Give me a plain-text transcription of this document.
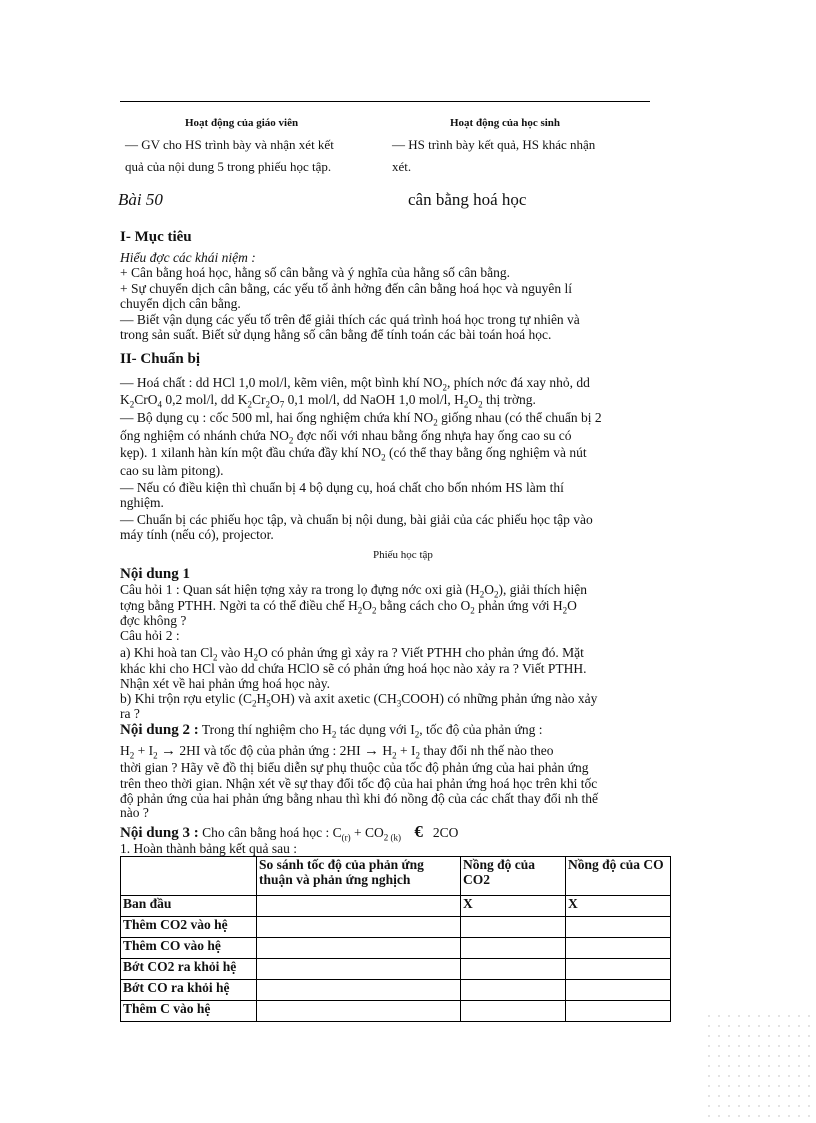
Hoạt động của giáo viên	Hoạt động của học sinh
— GV cho HS trình bày và nhận xét kết
quả của nội dung 5 trong phiếu học tập.
— HS trình bày kết quả, HS khác nhận
xét.
Bài 50	cân bằng hoá học
I- Mục tiêu
Hiểu đợc các khái niệm :
+ Cân bằng hoá học, hằng số cân bằng và ý nghĩa của hằng số cân bằng.
+ Sự chuyển dịch cân bằng, các yếu tố ảnh hởng đến cân bằng hoá học và nguyên lí
chuyển dịch cân bằng.
— Biết vận dụng các yếu tố trên để giải thích các quá trình hoá học trong tự nhiên và
trong sản suất. Biết sử dụng hằng số cân bằng để tính toán các bài toán hoá học.
II- Chuẩn bị
— Hoá chất : dd HCl 1,0 mol/l, kẽm viên, một bình khí $NO_2$, phích nớc đá xay nhỏ, dd
$K_2CrO_4$ 0,2 mol/l, dd $K_2Cr_2O_7$ 0,1 mol/l, dd NaOH 1,0 mol/l, $H_2O_2$ thị trờng.
— Bộ dụng cụ : cốc 500 ml, hai ống nghiệm chứa khí $NO_2$ giống nhau (có thể chuẩn bị 2
ống nghiệm có nhánh chứa $NO_2$ đợc nối với nhau bằng ống nhựa hay ống cao su có
kẹp). 1 xilanh hàn kín một đầu chứa đầy khí $NO_2$ (có thể thay bằng ống nghiệm và nút
cao su làm pitong).
— Nếu có điều kiện thì chuẩn bị 4 bộ dụng cụ, hoá chất cho bốn nhóm HS làm thí
nghiệm.
— Chuẩn bị các phiếu học tập, và chuẩn bị nội dung, bài giải của các phiếu học tập vào
máy tính (nếu có), projector.
Phiếu học tập
Nội dung 1
Câu hỏi 1 : Quan sát hiện tợng xảy ra trong lọ đựng nớc oxi già $(H_2O_2)$, giải thích hiện
tợng bằng PTHH. Ngời ta có thể điều chế $H_2O_2$ bằng cách cho $O_2$ phản ứng với $H_2O$
đợc không ?
Câu hỏi 2 :
a) Khi hoà $\tan Cl_2$ vào $H_2O$ có phản ứng gì xảy ra ? Viết PTHH cho phản ứng đó. Mặt
khác khi cho HCl vào dd chứa HClO sẽ có phản ứng hoá học nào xảy ra ? Viết PTHH.
Nhận xét về hai phản ứng hoá học này.
b) Khi trộn rợu etylic $(C_2H_5OH)$ và axit axetic $(CH_3COOH)$ có những phản ứng nào xảy
ra ?
Nội dung 2 : Trong thí nghiệm cho $H_2$ tác dụng với $I_2$, tốc độ của phản ứng :
$H_2 + I_2 \to 2HI$ và tốc độ của phản ứng : $2HI \to H_2 + I_2$ thay đổi nh thế nào theo
thời gian ? Hãy vẽ đồ thị biểu diễn sự phụ thuộc của tốc độ phản ứng của hai phản ứng
trên theo thời gian. Nhận xét về sự thay đổi tốc độ của hai phản ứng hoá học trên khi tốc
độ phản ứng của hai phản ứng bằng nhau thì khi đó nồng độ của các chất thay đổi nh thế
nào ?
Nội dung 3 : Cho cân bằng hoá học : $C_{(r)} + CO_{2 (k)}$ € 2CO
1. Hoàn thành bảng kết quả sau :
	So sánh tốc độ của phản ứng thuận và phản ứng nghịch	Nồng độ của CO2	Nồng độ của CO
Ban đầu		X	X
Thêm CO2 vào hệ			
Thêm CO vào hệ			
Bớt CO2 ra khỏi hệ			
Bớt CO ra khỏi hệ			
Thêm C vào hệ			
